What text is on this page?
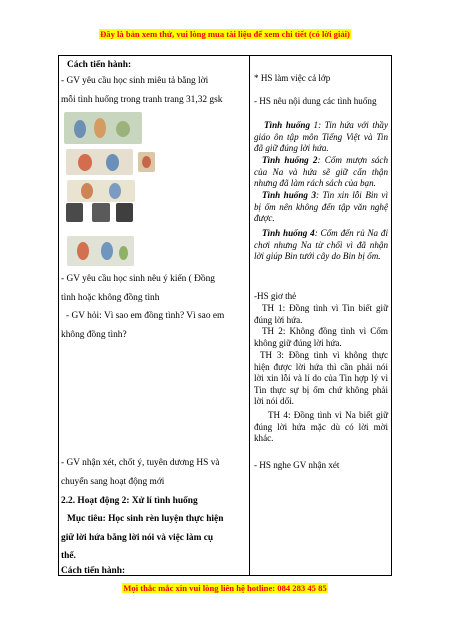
Đây là bản xem thử, vui lòng mua tài liệu để xem chi tiết (có lời giải)
Cách tiến hành:
- GV yêu cầu học sinh miêu tả bằng lời
mỗi tình huống trong tranh trang 31,32 gsk
- GV yêu cầu học sinh nêu ý kiến ( Đồng
tình hoặc không đồng tình
- GV hỏi: Vì sao em đồng tình? Vì sao em
không đồng tình?
- GV nhận xét, chốt ý, tuyên dương HS và
chuyển sang hoạt động mới
2.2. Hoạt động 2: Xử lí tình huống
Mục tiêu: Học sinh rèn luyện thực hiện
giữ lời hứa bằng lời nói và việc làm cụ
thể.
Cách tiến hành:
* HS làm việc cả lớp
- HS nêu nội dung các tình huống
Tình huống 1: Tin hứa với thầy giáo ôn tập môn Tiếng Việt và Tin đã giữ đúng lời hứa.
Tình huống 2: Cốm mượn sách của Na và hứa sẽ giữ cẩn thận nhưng đã làm rách sách của bạn.
Tình huống 3: Tin xin lỗi Bin vì bị ốm nên không đến tập văn nghệ được.
Tình huống 4: Cốm đến rủ Na đi chơi nhưng Na từ chối vì đã nhận lời giúp Bin tưới cây do Bin bị ốm.
-HS giơ thẻ
TH 1: Đồng tình vì Tin biết giữ đúng lời hứa.
TH 2: Không đồng tình vì Cốm không giữ đúng lời hứa.
TH 3: Đồng tình vì không thực hiện được lời hứa thì cần phải nói lời xin lỗi và lí do của Tin hợp lý vì Tin thực sự bị ốm chứ không phải lời nói dối.
TH 4: Đồng tình vì Na biết giữ đúng lời hứa mặc dù có lời mời khác.
- HS nghe GV nhận xét
Mọi thắc mắc xin vui lòng liên hệ hotline: 084 283 45 85
